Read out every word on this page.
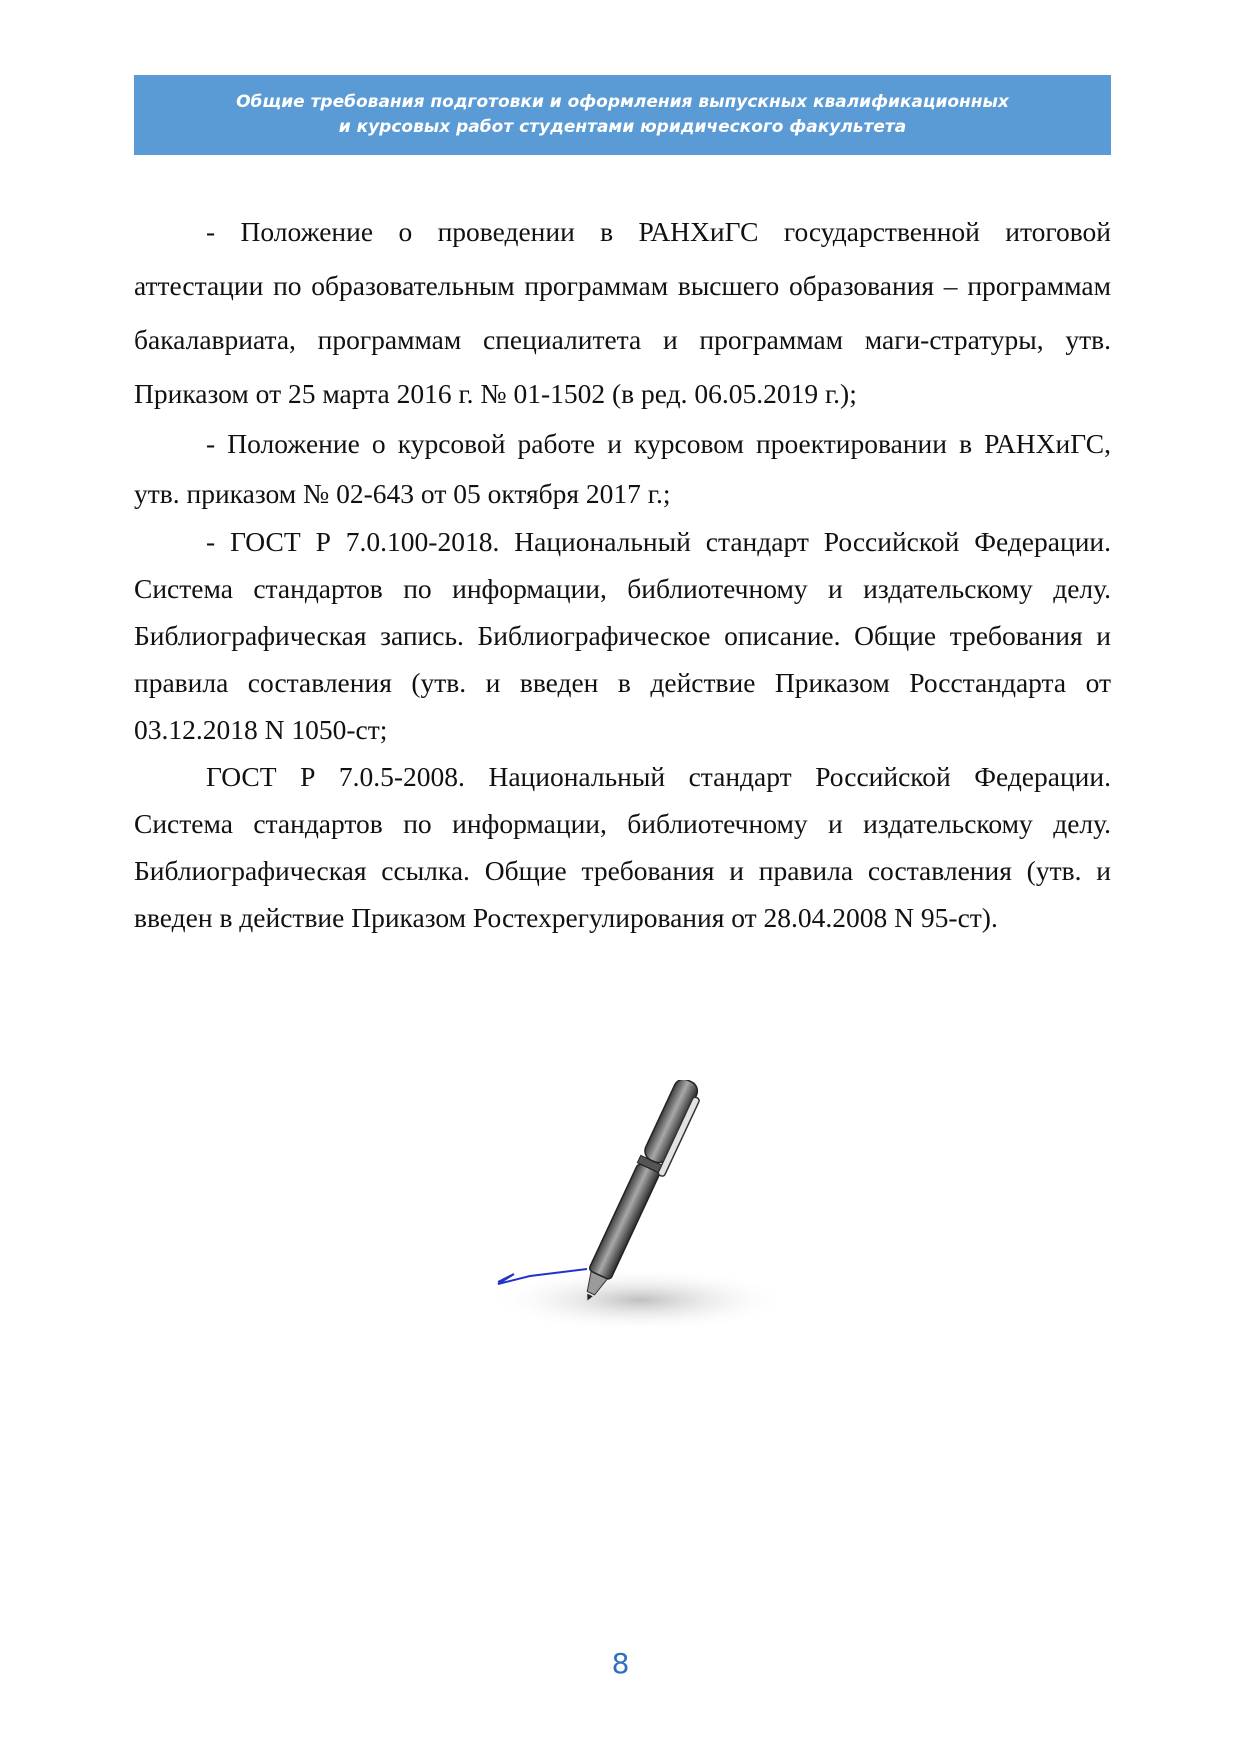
Общие требования подготовки и оформления выпускных квалификационных
и курсовых работ студентами юридического факультета

- Положение о проведении в РАНХиГС государственной итоговой аттестации по образовательным программам высшего образования – программам бакалавриата, программам специалитета и программам маги-стратуры, утв. Приказом от 25 марта 2016 г. № 01-1502 (в ред. 06.05.2019 г.);

- Положение о курсовой работе и курсовом проектировании в РАНХиГС, утв. приказом № 02-643 от 05 октября 2017 г.;

- ГОСТ Р 7.0.100-2018. Национальный стандарт Российской Федерации. Система стандартов по информации, библиотечному и издательскому делу. Библиографическая запись. Библиографическое описание. Общие требования и правила составления (утв. и введен в действие Приказом Росстандарта от 03.12.2018 N 1050-ст;

ГОСТ Р 7.0.5-2008. Национальный стандарт Российской Федерации. Система стандартов по информации, библиотечному и издательскому делу. Библиографическая ссылка. Общие требования и правила составления (утв. и введен в действие Приказом Ростехрегулирования от 28.04.2008 N 95-ст).

8
